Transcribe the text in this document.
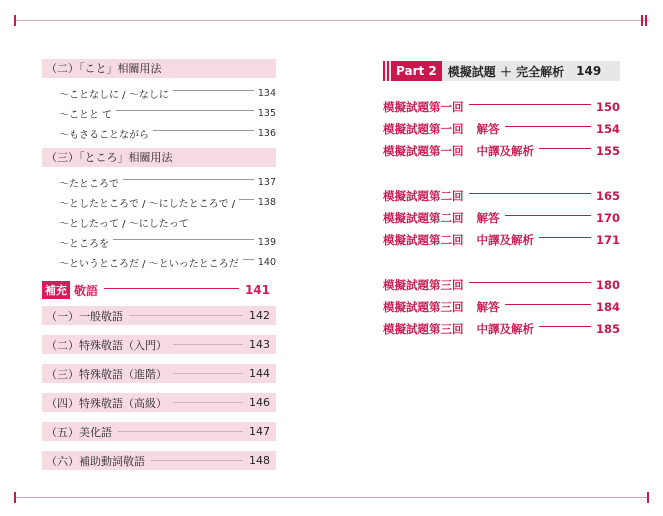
（二）「こと」相關用法
～ことなしに / ～なしに	134
～ことと て	135
～もさることながら	136
（三）「ところ」相關用法
～たところで	137
～としたところで / ～にしたところで / 138
～としたって / ～にしたって
～ところを	139
～というところだ / ～といったところだ 140
補充 敬語	141
（一）一般敬語	142
（二）特殊敬語（入門）	143
（三）特殊敬語（進階）	144
（四）特殊敬語（高級）	146
（五）美化語	147
（六）補助動詞敬語	148
Part 2 模擬試題 ＋ 完全解析 149
模擬試題第一回	150
模擬試題第一回 解答	154
模擬試題第一回 中譯及解析	155
模擬試題第二回	165
模擬試題第二回 解答	170
模擬試題第二回 中譯及解析	171
模擬試題第三回	180
模擬試題第三回 解答	184
模擬試題第三回 中譯及解析	185
